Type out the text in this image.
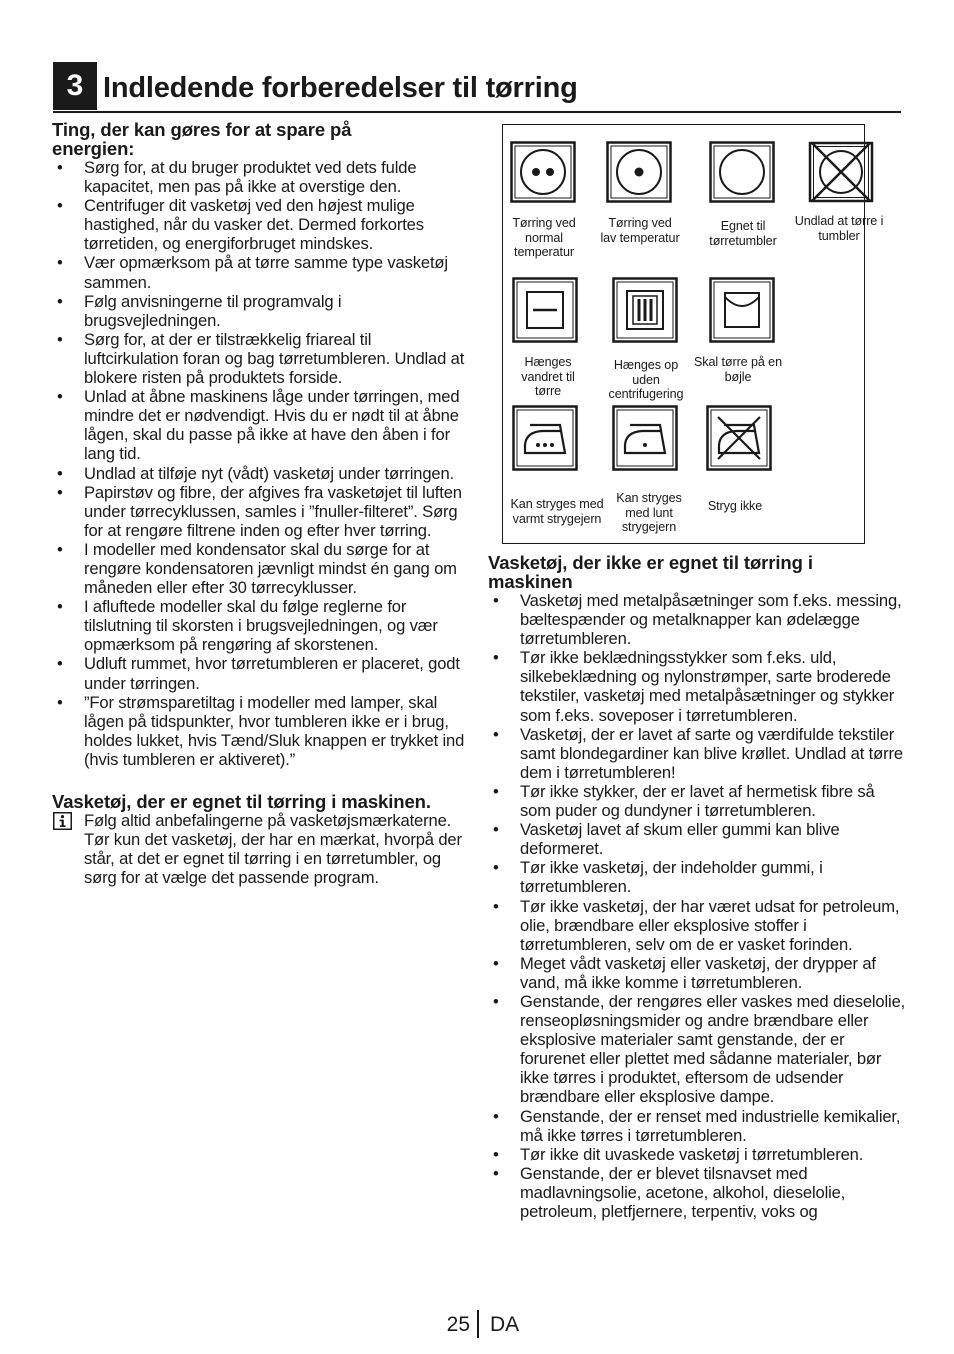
3 Indledende forberedelser til tørring
Ting, der kan gøres for at spare på energien:
• Sørg for, at du bruger produktet ved dets fulde kapacitet, men pas på ikke at overstige den.
• Centrifuger dit vasketøj ved den højest mulige hastighed, når du vasker det. Dermed forkortes tørretiden, og energiforbruget mindskes.
• Vær opmærksom på at tørre samme type vasketøj sammen.
• Følg anvisningerne til programvalg i brugsvejledningen.
• Sørg for, at der er tilstrækkelig friareal til luftcirkulation foran og bag tørretumbleren. Undlad at blokere risten på produktets forside.
• Unlad at åbne maskinens låge under tørringen, med mindre det er nødvendigt. Hvis du er nødt til at åbne lågen, skal du passe på ikke at have den åben i for lang tid.
• Undlad at tilføje nyt (vådt) vasketøj under tørringen.
• Papirstøv og fibre, der afgives fra vasketøjet til luften under tørrecyklussen, samles i ”fnuller-filteret”. Sørg for at rengøre filtrene inden og efter hver tørring.
• I modeller med kondensator skal du sørge for at rengøre kondensatoren jævnligt mindst én gang om måneden eller efter 30 tørrecyklusser.
• I afluftede modeller skal du følge reglerne for tilslutning til skorsten i brugsvejledningen, og vær opmærksom på rengøring af skorstenen.
• Udluft rummet, hvor tørretumbleren er placeret, godt under tørringen.
• ”For strømsparetiltag i modeller med lamper, skal lågen på tidspunkter, hvor tumbleren ikke er i brug, holdes lukket, hvis Tænd/Sluk knappen er trykket ind (hvis tumbleren er aktiveret).”
Vasketøj, der er egnet til tørring i maskinen.
Følg altid anbefalingerne på vasketøjsmærkaterne. Tør kun det vasketøj, der har en mærkat, hvorpå der står, at det er egnet til tørring i en tørretumbler, og sørg for at vælge det passende program.
Tørring ved normal temperatur
Tørring ved lav temperatur
Egnet til tørretumbler
Undlad at tørre i tumbler
Hænges vandret til tørre
Hænges op uden centrifugering
Skal tørre på en bøjle
Kan stryges med varmt strygejern
Kan stryges med lunt strygejern
Stryg ikke
Vasketøj, der ikke er egnet til tørring i maskinen
• Vasketøj med metalpåsætninger som f.eks. messing, bæltespænder og metalknapper kan ødelægge tørretumbleren.
• Tør ikke beklædningsstykker som f.eks. uld, silkebeklædning og nylonstrømper, sarte broderede tekstiler, vasketøj med metalpåsætninger og stykker som f.eks. soveposer i tørretumbleren.
• Vasketøj, der er lavet af sarte og værdifulde tekstiler samt blondegardiner kan blive krøllet. Undlad at tørre dem i tørretumbleren!
• Tør ikke stykker, der er lavet af hermetisk fibre så som puder og dundyner i tørretumbleren.
• Vasketøj lavet af skum eller gummi kan blive deformeret.
• Tør ikke vasketøj, der indeholder gummi, i tørretumbleren.
• Tør ikke vasketøj, der har været udsat for petroleum, olie, brændbare eller eksplosive stoffer i tørretumbleren, selv om de er vasket forinden.
• Meget vådt vasketøj eller vasketøj, der drypper af vand, må ikke komme i tørretumbleren.
• Genstande, der rengøres eller vaskes med dieselolie, renseopløsningsmider og andre brændbare eller eksplosive materialer samt genstande, der er forurenet eller plettet med sådanne materialer, bør ikke tørres i produktet, eftersom de udsender brændbare eller eksplosive dampe.
• Genstande, der er renset med industrielle kemikalier, må ikke tørres i tørretumbleren.
• Tør ikke dit uvaskede vasketøj i tørretumbleren.
• Genstande, der er blevet tilsnavset med madlavningsolie, acetone, alkohol, dieselolie, petroleum, pletfjernere, terpentiv, voks og
25 DA
